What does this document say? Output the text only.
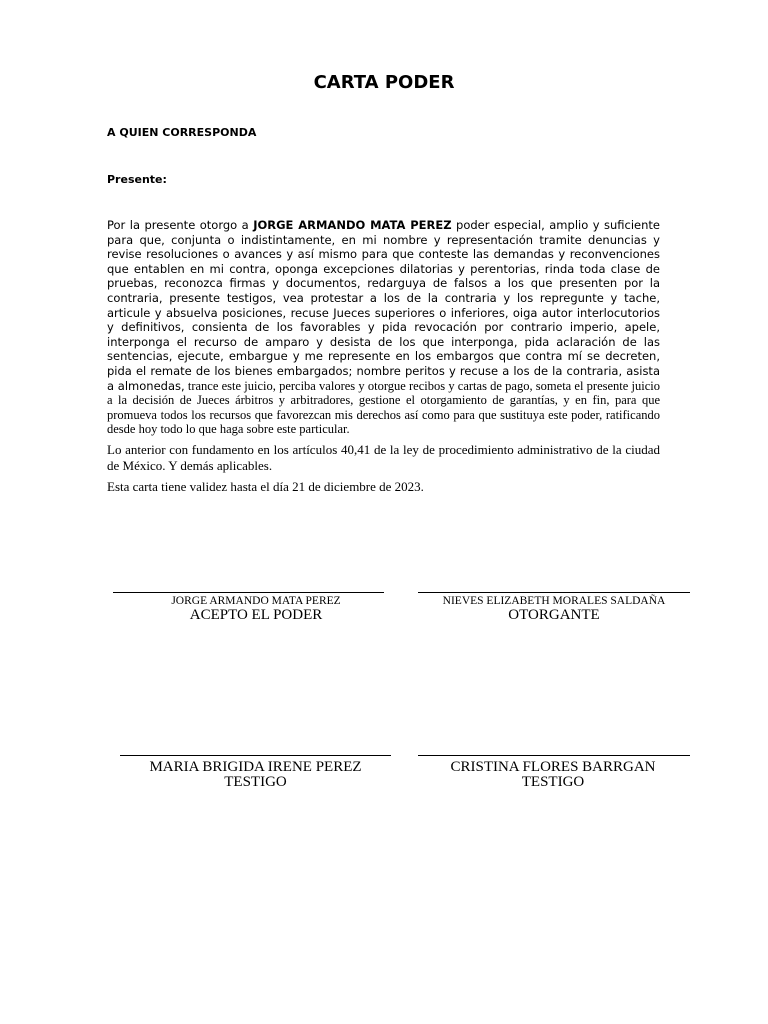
CARTA PODER
A QUIEN CORRESPONDA
Presente:

Por la presente otorgo a JORGE ARMANDO MATA PEREZ poder especial, amplio y suficiente para que, conjunta o indistintamente, en mi nombre y representación tramite denuncias y revise resoluciones o avances y así mismo para que conteste las demandas y reconvenciones que entablen en mi contra, oponga excepciones dilatorias y perentorias, rinda toda clase de pruebas, reconozca firmas y documentos, redarguya de falsos a los que presenten por la contraria, presente testigos, vea protestar a los de la contraria y los repregunte y tache, articule y absuelva posiciones, recuse Jueces superiores o inferiores, oiga autor interlocutorios y definitivos, consienta de los favorables y pida revocación por contrario imperio, apele, interponga el recurso de amparo y desista de los que interponga, pida aclaración de las sentencias, ejecute, embargue y me represente en los embargos que contra mí se decreten, pida el remate de los bienes embargados; nombre peritos y recuse a los de la contraria, asista a almonedas, trance este juicio, perciba valores y otorgue recibos y cartas de pago, someta el presente juicio a la decisión de Jueces árbitros y arbitradores, gestione el otorgamiento de garantías, y en fin, para que promueva todos los recursos que favorezcan mis derechos así como para que sustituya este poder, ratificando desde hoy todo lo que haga sobre este particular.

Lo anterior con fundamento en los artículos 40,41 de la ley de procedimiento administrativo de la ciudad de México. Y demás aplicables.

Esta carta tiene validez hasta el día 21 de diciembre de 2023.

JORGE ARMANDO MATA PEREZ
ACEPTO EL PODER
NIEVES ELIZABETH MORALES SALDAÑA
OTORGANTE
MARIA BRIGIDA IRENE PEREZ
TESTIGO
CRISTINA FLORES BARRGAN
TESTIGO
